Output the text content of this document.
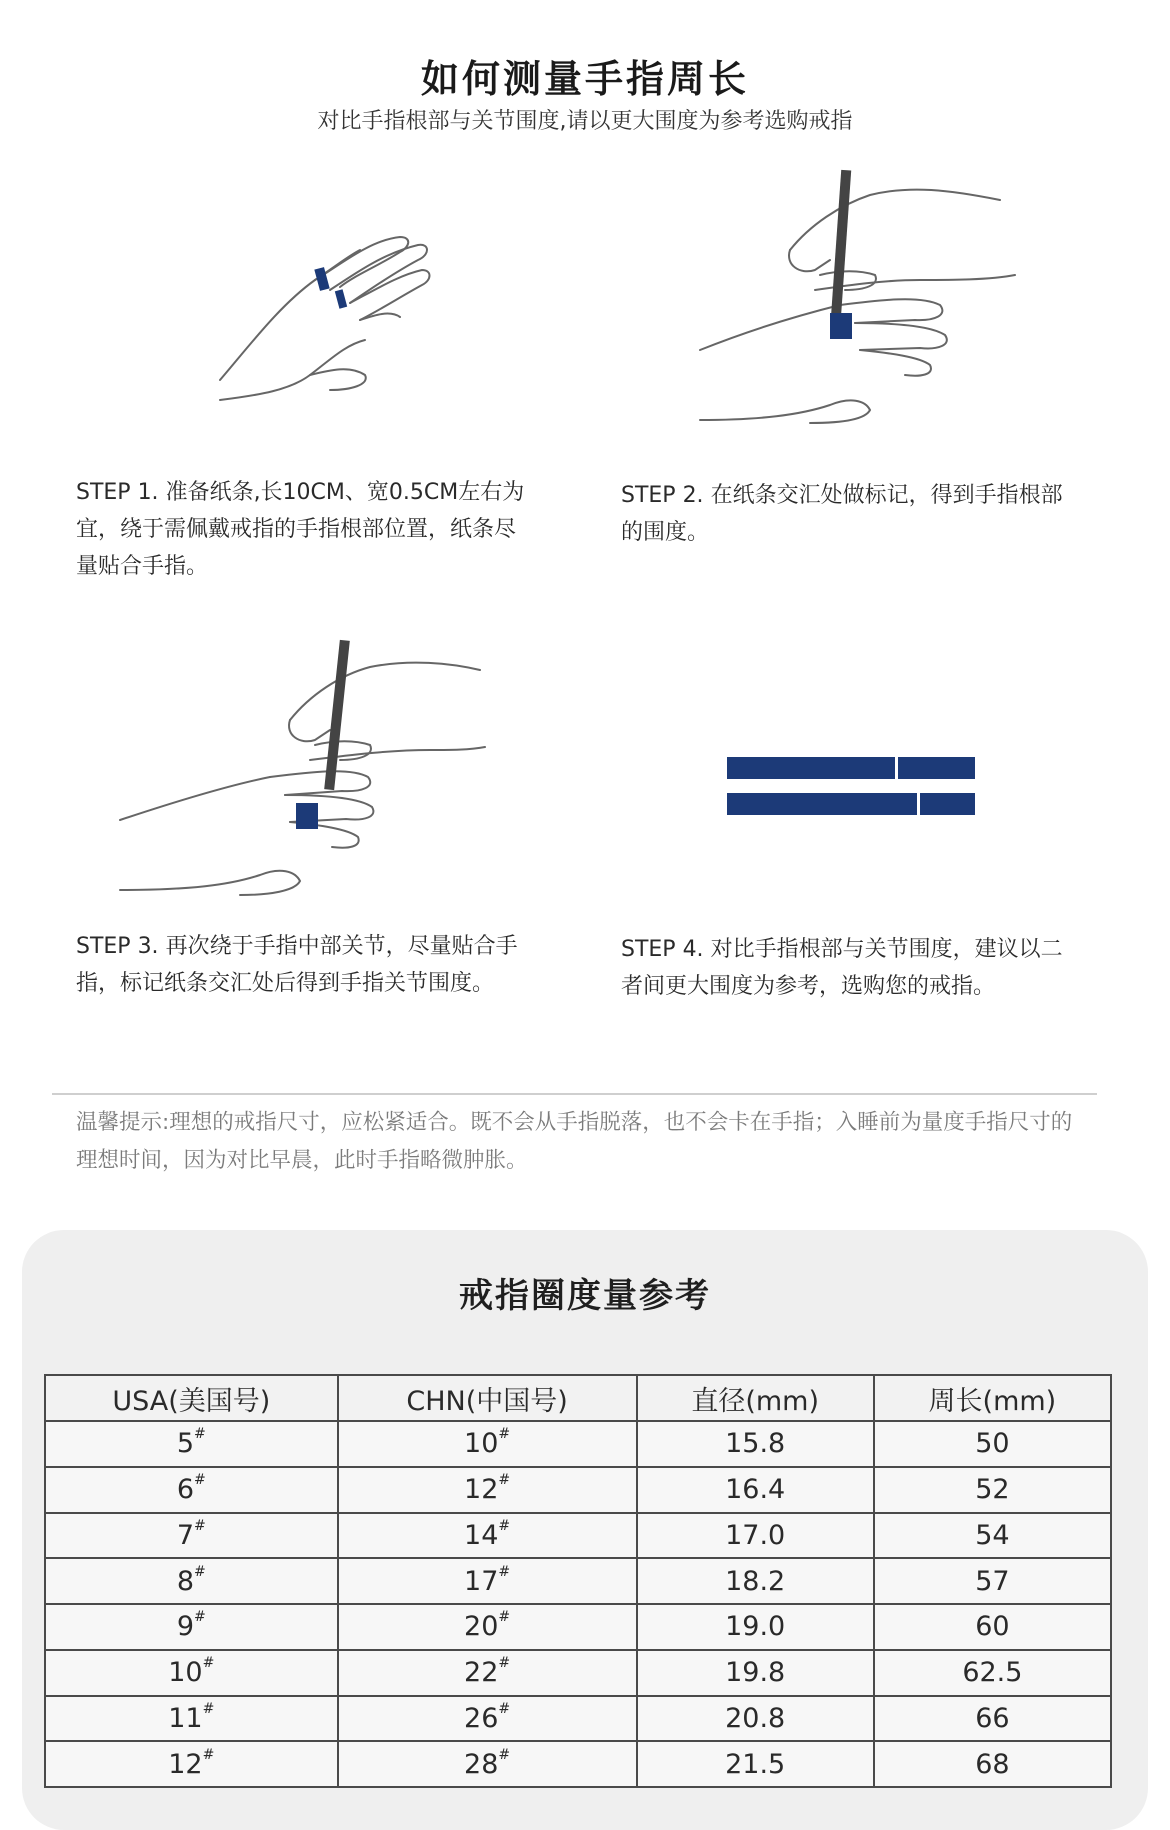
如何测量手指周长
对比手指根部与关节围度,请以更大围度为参考选购戒指
STEP 1. 准备纸条,长10CM、宽0.5CM左右为宜，绕于需佩戴戒指的手指根部位置，纸条尽量贴合手指。
STEP 2. 在纸条交汇处做标记，得到手指根部的围度。
STEP 3. 再次绕于手指中部关节，尽量贴合手指，标记纸条交汇处后得到手指关节围度。
STEP 4. 对比手指根部与关节围度，建议以二者间更大围度为参考，选购您的戒指。
温馨提示:理想的戒指尺寸，应松紧适合。既不会从手指脱落，也不会卡在手指；入睡前为量度手指尺寸的理想时间，因为对比早晨，此时手指略微肿胀。
戒指圈度量参考
USA(美国号)	CHN(中国号)	直径(mm)	周长(mm)
5#	10#	15.8	50
6#	12#	16.4	52
7#	14#	17.0	54
8#	17#	18.2	57
9#	20#	19.0	60
10#	22#	19.8	62.5
11#	26#	20.8	66
12#	28#	21.5	68
